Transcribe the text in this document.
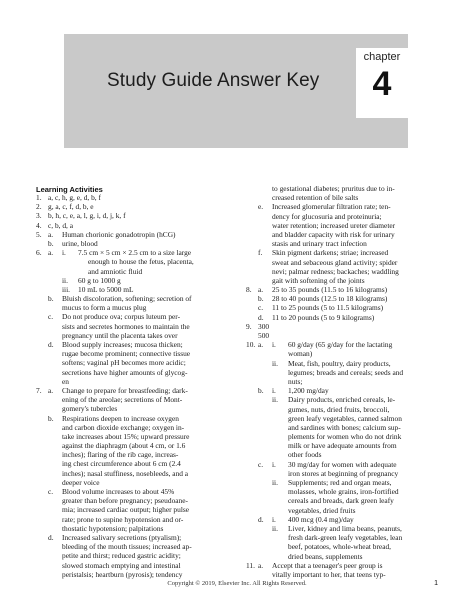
Study Guide Answer Key
chapter
4
Learning Activities
1. a, c, h, g, e, d, b, f
2. g, a, c, f, d, b, e
3. b, h, c, e, a, l, g, i, d, j, k, f
4. c, b, d, a
5. a. Human chorionic gonadotropin (hCG)
b. urine, blood
6. a. i. 7.5 cm × 5 cm × 2.5 cm to a size large
enough to house the fetus, placenta,
and amniotic fluid
ii. 60 g to 1000 g
iii. 10 mL to 5000 mL
b. Bluish discoloration, softening; secretion of
mucus to form a mucus plug
c. Do not produce ova; corpus luteum per-
sists and secretes hormones to maintain the
pregnancy until the placenta takes over
d. Blood supply increases; mucosa thicken;
rugae become prominent; connective tissue
softens; vaginal pH becomes more acidic;
secretions have higher amounts of glycog-
en
7. a. Change to prepare for breastfeeding; dark-
ening of the areolae; secretions of Mont-
gomery's tubercles
b. Respirations deepen to increase oxygen
and carbon dioxide exchange; oxygen in-
take increases about 15%; upward pressure
against the diaphragm (about 4 cm, or 1.6
inches); flaring of the rib cage, increas-
ing chest circumference about 6 cm (2.4
inches); nasal stuffiness, nosebleeds, and a
deeper voice
c. Blood volume increases to about 45%
greater than before pregnancy; pseudoane-
mia; increased cardiac output; higher pulse
rate; prone to supine hypotension and or-
thostatic hypotension; palpitations
d. Increased salivary secretions (ptyalism);
bleeding of the mouth tissues; increased ap-
petite and thirst; reduced gastric acidity;
slowed stomach emptying and intestinal
peristalsis; heartburn (pyrosis); tendency
to gestational diabetes; pruritus due to in-
creased retention of bile salts
e. Increased glomerular filtration rate; ten-
dency for glucosuria and proteinuria;
water retention; increased ureter diameter
and bladder capacity with risk for urinary
stasis and urinary tract infection
f. Skin pigment darkens; striae; increased
sweat and sebaceous gland activity; spider
nevi; palmar redness; backaches; waddling
gait with softening of the joints
8. a. 25 to 35 pounds (11.5 to 16 kilograms)
b. 28 to 40 pounds (12.5 to 18 kilograms)
c. 11 to 25 pounds (5 to 11.5 kilograms)
d. 11 to 20 pounds (5 to 9 kilograms)
9. 300
500
10. a. i. 60 g/day (65 g/day for the lactating
woman)
ii. Meat, fish, poultry, dairy products,
legumes; breads and cereals; seeds and
nuts;
b. i. 1,200 mg/day
ii. Dairy products, enriched cereals, le-
gumes, nuts, dried fruits, broccoli,
green leafy vegetables, canned salmon
and sardines with bones; calcium sup-
plements for women who do not drink
milk or have adequate amounts from
other foods
c. i. 30 mg/day for women with adequate
iron stores at beginning of pregnancy
ii. Supplements; red and organ meats,
molasses, whole grains, iron-fortified
cereals and breads, dark green leafy
vegetables, dried fruits
d. i. 400 mcg (0.4 mg)/day
ii. Liver, kidney and lima beans, peanuts,
fresh dark-green leafy vegetables, lean
beef, potatoes, whole-wheat bread,
dried beans, supplements
11. a. Accept that a teenager's peer group is
vitally important to her, that teens typ-
Copyright © 2019, Elsevier Inc. All Rights Reserved.	1
